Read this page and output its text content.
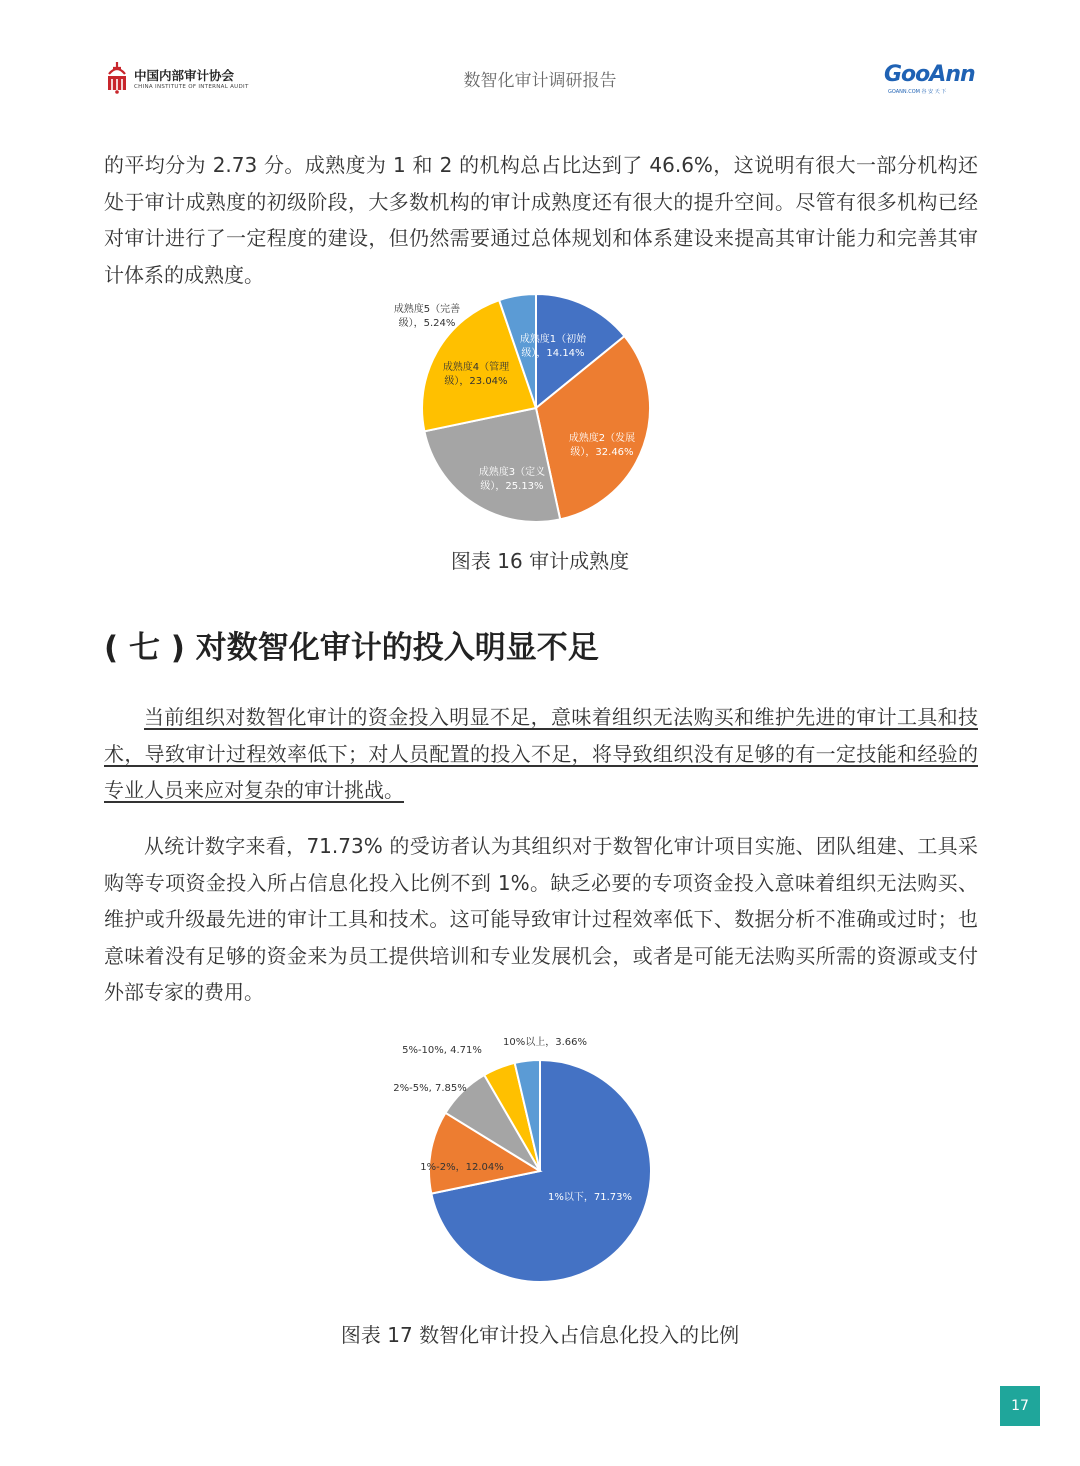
中国内部审计协会
CHINA INSTITUTE OF INTERNAL AUDIT	数智化审计调研报告	GooAnn
GOANN.COM 谷 安 天 下

的平均分为 2.73 分。成熟度为 1 和 2 的机构总占比达到了 46.6%，这说明有很大一部分机构还处于审计成熟度的初级阶段，大多数机构的审计成熟度还有很大的提升空间。尽管有很多机构已经对审计进行了一定程度的建设，但仍然需要通过总体规划和体系建设来提高其审计能力和完善其审计体系的成熟度。

成熟度1（初始级），14.14%
成熟度2（发展级），32.46%
成熟度3（定义级），25.13%
成熟度4（管理级），23.04%
成熟度5（完善级），5.24%
图表 16 审计成熟度
( 七 ) 对数智化审计的投入明显不足

当前组织对数智化审计的资金投入明显不足，意味着组织无法购买和维护先进的审计工具和技术，导致审计过程效率低下；对人员配置的投入不足，将导致组织没有足够的有一定技能和经验的专业人员来应对复杂的审计挑战。

从统计数字来看，71.73% 的受访者认为其组织对于数智化审计项目实施、团队组建、工具采购等专项资金投入所占信息化投入比例不到 1%。缺乏必要的专项资金投入意味着组织无法购买、维护或升级最先进的审计工具和技术。这可能导致审计过程效率低下、数据分析不准确或过时；也意味着没有足够的资金来为员工提供培训和专业发展机会，或者是可能无法购买所需的资源或支付外部专家的费用。

1%以下，71.73%
1%-2%，12.04%
2%-5%, 7.85%
5%-10%, 4.71%
10%以上，3.66%
图表 17 数智化审计投入占信息化投入的比例
17
